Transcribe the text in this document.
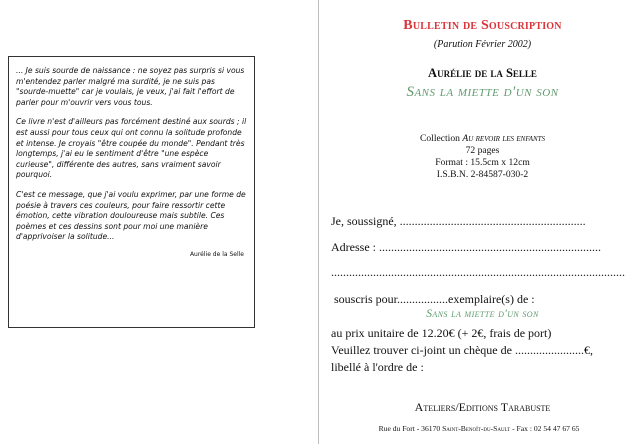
... Je suis sourde de naissance : ne soyez pas surpris si vous m'entendez parler malgré ma surdité, je ne suis pas "sourde-muette" car je voulais, je veux, j'ai fait l'effort de parler pour m'ouvrir vers vous tous.

Ce livre n'est d'ailleurs pas forcément destiné aux sourds ; il est aussi pour tous ceux qui ont connu la solitude profonde et intense. Je croyais "être coupée du monde". Pendant très longtemps, j'ai eu le sentiment d'être "une espèce curieuse", différente des autres, sans vraiment savoir pourquoi.

C'est ce message, que j'ai voulu exprimer, par une forme de poésie à travers ces couleurs, pour faire ressortir cette émotion, cette vibration douloureuse mais subtile. Ces poèmes et ces dessins sont pour moi une manière d'apprivoiser la solitude...

Aurélie de la Selle
Bulletin de Souscription
(Parution Février 2002)
Aurélie de la Selle
Sans la miette d'un son
Collection Au revoir les enfants
72 pages
Format : 15.5cm x 12cm
I.S.B.N. 2-84587-030-2
Je, soussigné, ..............................................................
Adresse : ..........................................................................
..................................................................................................
souscris pour.................exemplaire(s) de :
Sans la miette d'un son
au prix unitaire de 12.20€ (+ 2€, frais de port)
Veuillez trouver ci-joint un chèque de .......................€,
libellé à l'ordre de :
Ateliers/Editions Tarabuste
Rue du Fort - 36170 Saint-Benoît-du-Sault - Fax : 02 54 47 67 65
